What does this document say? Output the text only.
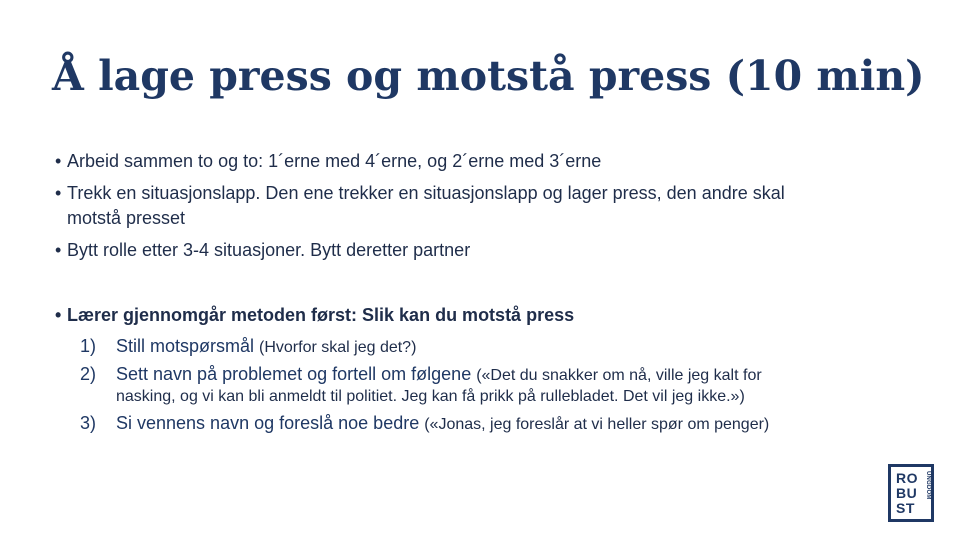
Å lage press og motstå press (10 min)
• Arbeid sammen to og to: 1´erne med 4´erne, og 2´erne med 3´erne
• Trekk en situasjonslapp. Den ene trekker en situasjonslapp og lager press, den andre skal
motstå presset
• Bytt rolle etter 3-4 situasjoner. Bytt deretter partner
• Lærer gjennomgår metoden først: Slik kan du motstå press
1) Still motspørsmål (Hvorfor skal jeg det?)
2) Sett navn på problemet og fortell om følgene («Det du snakker om nå, ville jeg kalt for
nasking, og vi kan bli anmeldt til politiet. Jeg kan få prikk på rullebladet. Det vil jeg ikke.»)
3) Si vennens navn og foreslå noe bedre («Jonas, jeg foreslår at vi heller spør om penger)
RO
BU
ST
UNGDOM
